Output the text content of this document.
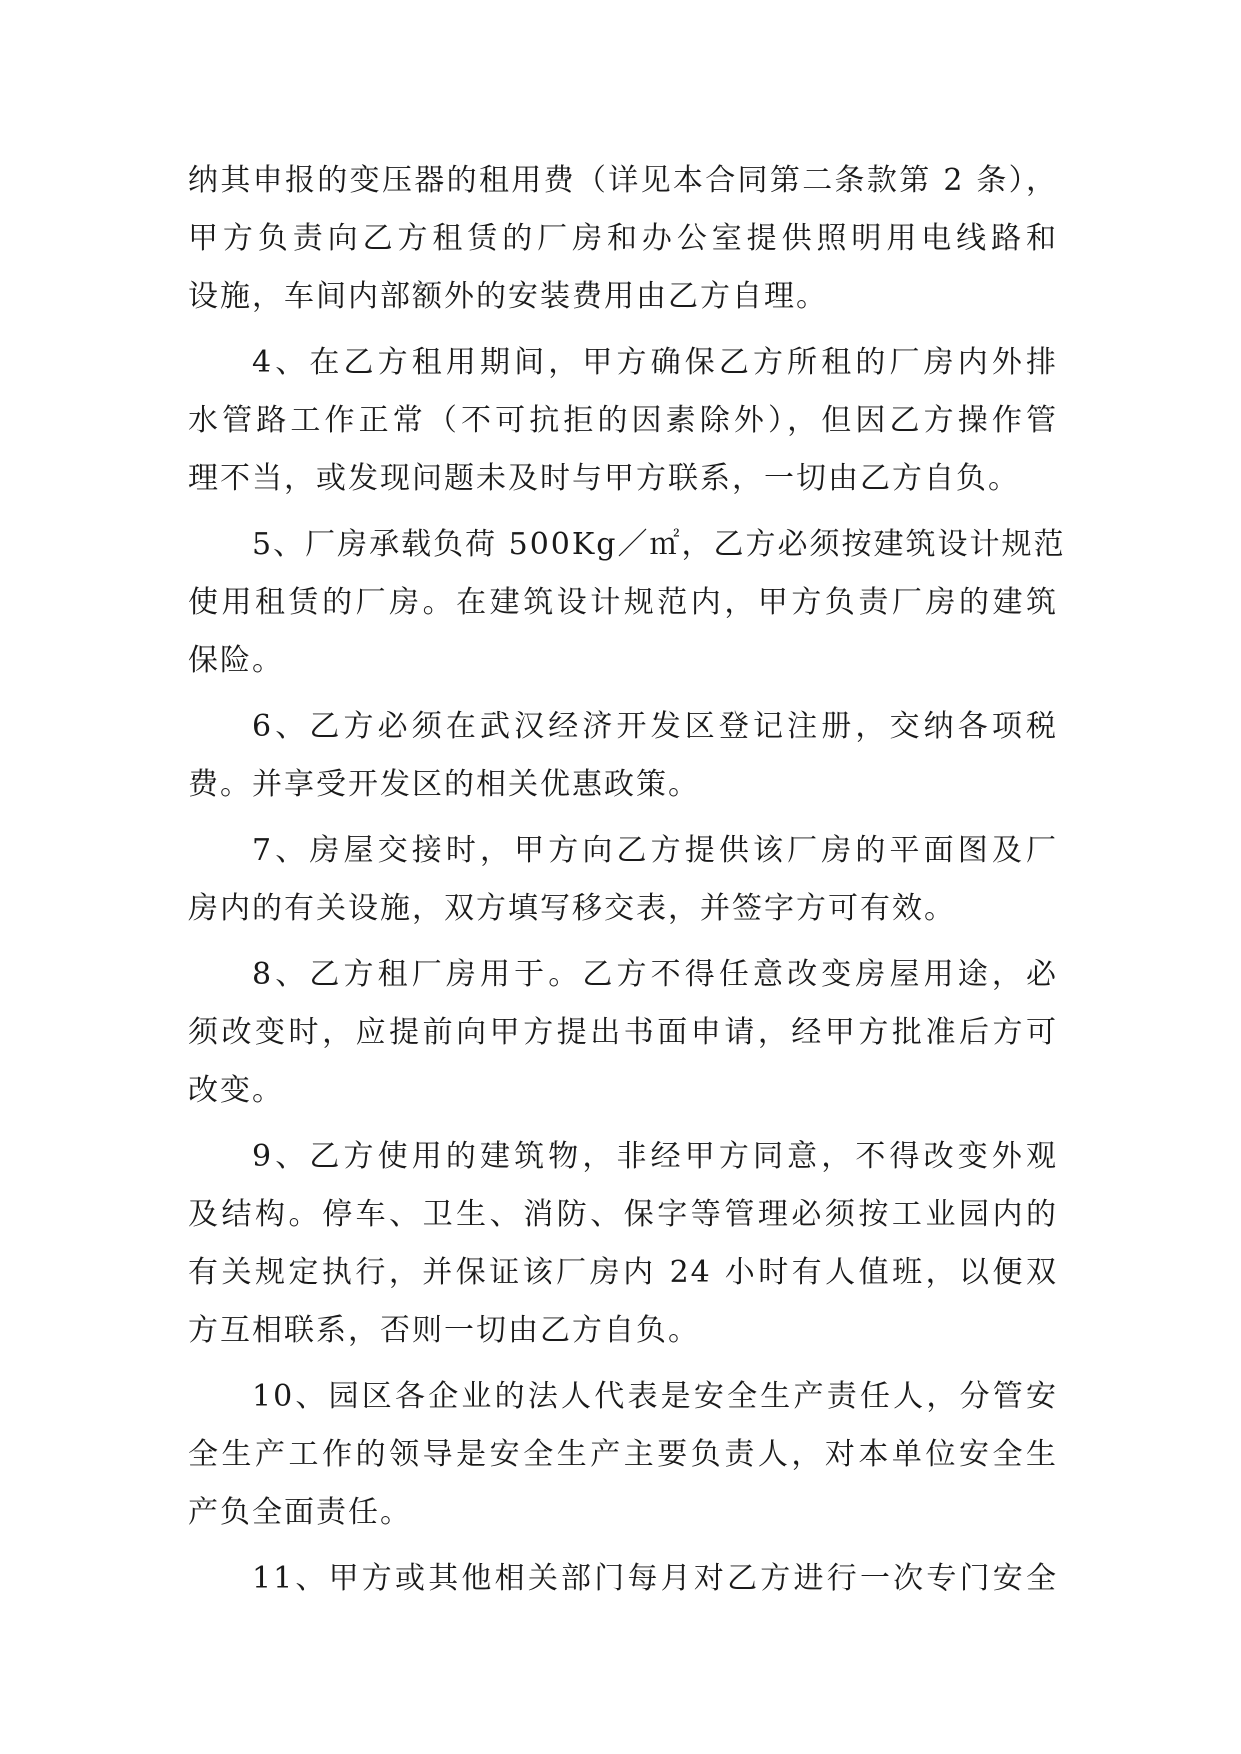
纳其申报的变压器的租用费（详见本合同第二条款第 2 条），
甲方负责向乙方租赁的厂房和办公室提供照明用电线路和
设施，车间内部额外的安装费用由乙方自理。

4、在乙方租用期间，甲方确保乙方所租的厂房内外排
水管路工作正常（不可抗拒的因素除外），但因乙方操作管
理不当，或发现问题未及时与甲方联系，一切由乙方自负。

5、厂房承载负荷 500Kg／㎡，乙方必须按建筑设计规范
使用租赁的厂房。在建筑设计规范内，甲方负责厂房的建筑
保险。

6、乙方必须在武汉经济开发区登记注册，交纳各项税
费。并享受开发区的相关优惠政策。

7、房屋交接时，甲方向乙方提供该厂房的平面图及厂
房内的有关设施，双方填写移交表，并签字方可有效。

8、乙方租厂房用于。乙方不得任意改变房屋用途，必
须改变时，应提前向甲方提出书面申请，经甲方批准后方可
改变。

9、乙方使用的建筑物，非经甲方同意，不得改变外观
及结构。停车、卫生、消防、保字等管理必须按工业园内的
有关规定执行，并保证该厂房内 24 小时有人值班，以便双
方互相联系，否则一切由乙方自负。

10、园区各企业的法人代表是安全生产责任人，分管安
全生产工作的领导是安全生产主要负责人，对本单位安全生
产负全面责任。

11、甲方或其他相关部门每月对乙方进行一次专门安全
